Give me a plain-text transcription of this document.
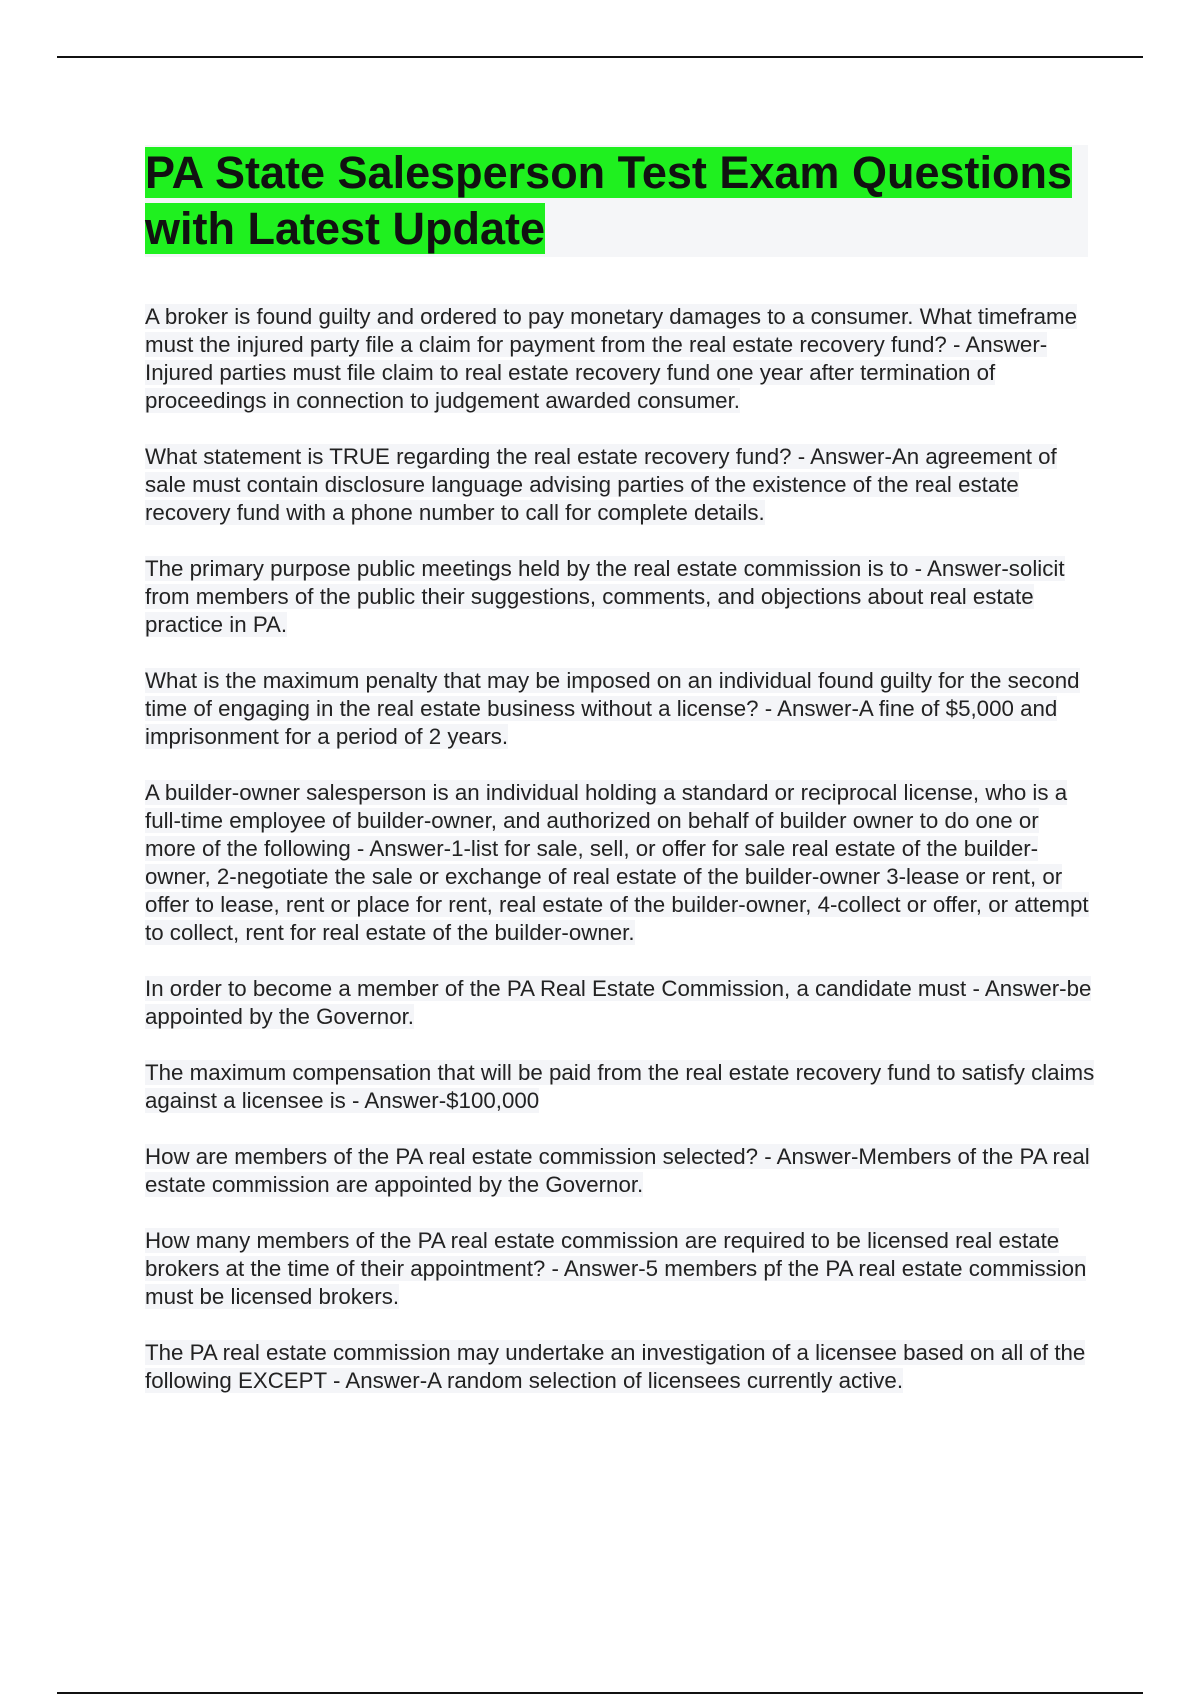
PA State Salesperson Test Exam Questions with Latest Update

A broker is found guilty and ordered to pay monetary damages to a consumer. What timeframe must the injured party file a claim for payment from the real estate recovery fund? - Answer-Injured parties must file claim to real estate recovery fund one year after termination of proceedings in connection to judgement awarded consumer.

What statement is TRUE regarding the real estate recovery fund? - Answer-An agreement of sale must contain disclosure language advising parties of the existence of the real estate recovery fund with a phone number to call for complete details.

The primary purpose public meetings held by the real estate commission is to - Answer-solicit from members of the public their suggestions, comments, and objections about real estate practice in PA.

What is the maximum penalty that may be imposed on an individual found guilty for the second time of engaging in the real estate business without a license? - Answer-A fine of $5,000 and imprisonment for a period of 2 years.

A builder-owner salesperson is an individual holding a standard or reciprocal license, who is a full-time employee of builder-owner, and authorized on behalf of builder owner to do one or more of the following - Answer-1-list for sale, sell, or offer for sale real estate of the builder-owner, 2-negotiate the sale or exchange of real estate of the builder-owner 3-lease or rent, or offer to lease, rent or place for rent, real estate of the builder-owner, 4-collect or offer, or attempt to collect, rent for real estate of the builder-owner.

In order to become a member of the PA Real Estate Commission, a candidate must - Answer-be appointed by the Governor.

The maximum compensation that will be paid from the real estate recovery fund to satisfy claims against a licensee is - Answer-$100,000

How are members of the PA real estate commission selected? - Answer-Members of the PA real estate commission are appointed by the Governor.

How many members of the PA real estate commission are required to be licensed real estate brokers at the time of their appointment? - Answer-5 members pf the PA real estate commission must be licensed brokers.

The PA real estate commission may undertake an investigation of a licensee based on all of the following EXCEPT - Answer-A random selection of licensees currently active.
